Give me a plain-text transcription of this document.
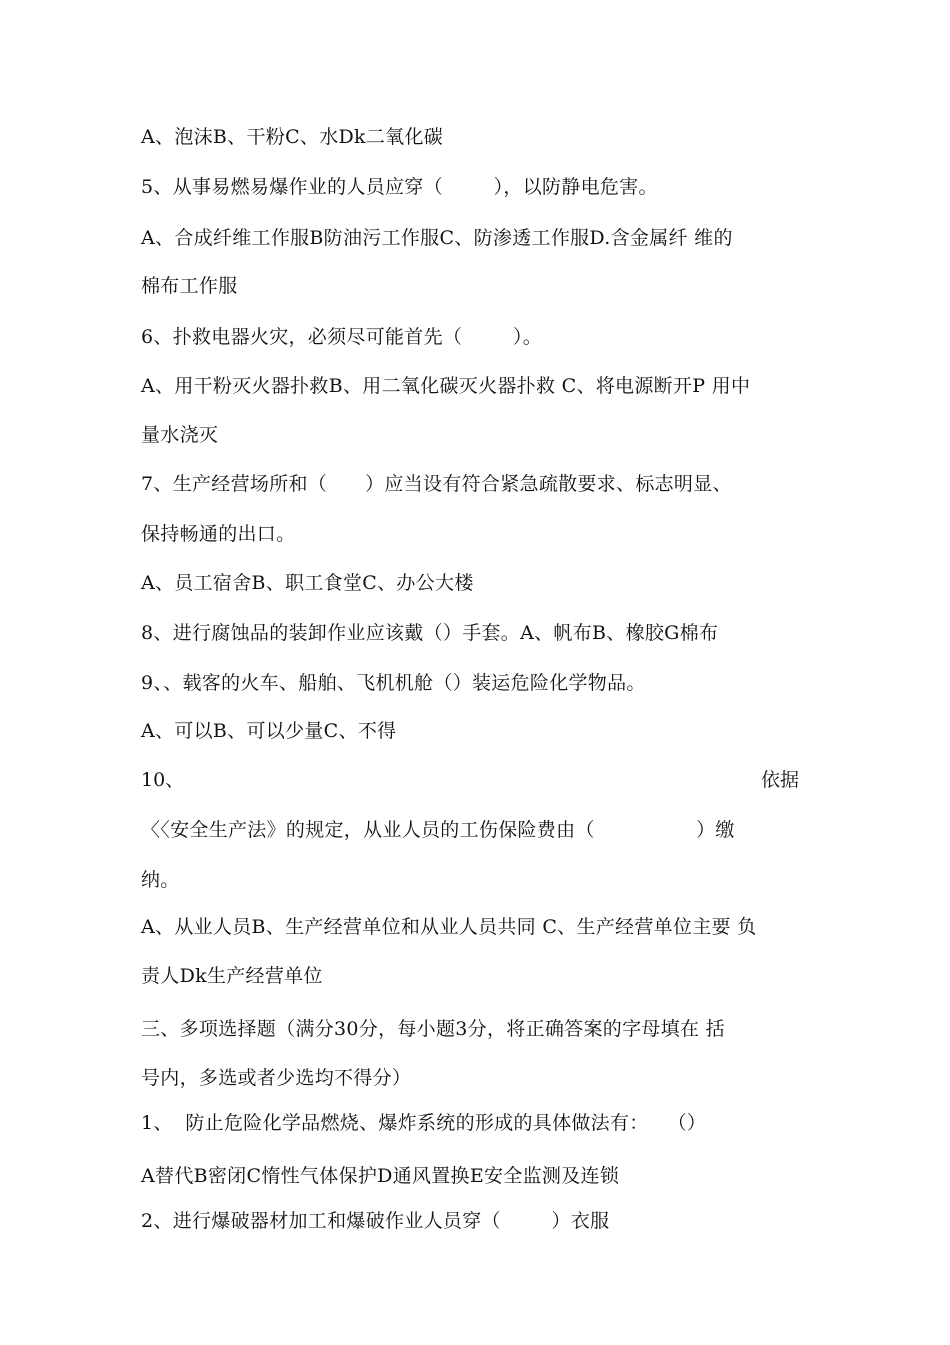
A、泡沫B、干粉C、水Dk二氧化碳
5、从事易燃易爆作业的人员应穿（        ），以防静电危害。
A、合成纤维工作服B防油污工作服C、防渗透工作服D.含金属纤 维的
棉布工作服
6、扑救电器火灾，必须尽可能首先（        ）。
A、用干粉灭火器扑救B、用二氧化碳灭火器扑救 C、将电源断开P 用中
量水浇灭
7、生产经营场所和（      ）应当设有符合紧急疏散要求、标志明显、
保持畅通的出口。
A、员工宿舍B、职工食堂C、办公大楼
8、进行腐蚀品的装卸作业应该戴（）手套。A、帆布B、橡胶G棉布
9、、载客的火车、船舶、飞机机舱（）装运危险化学物品。
A、可以B、可以少量C、不得
10、	依据
〈〈安全生产法》的规定，从业人员的工伤保险费由（                ）缴
纳。
A、从业人员B、生产经营单位和从业人员共同 C、生产经营单位主要 负
责人Dk生产经营单位
三、多项选择题（满分30分，每小题3分，将正确答案的字母填在 括
号内，多选或者少选均不得分）
1、  防止危险化学品燃烧、爆炸系统的形成的具体做法有：   （）
A替代B密闭C惰性气体保护D通风置换E安全监测及连锁
2、进行爆破器材加工和爆破作业人员穿（        ）衣服
